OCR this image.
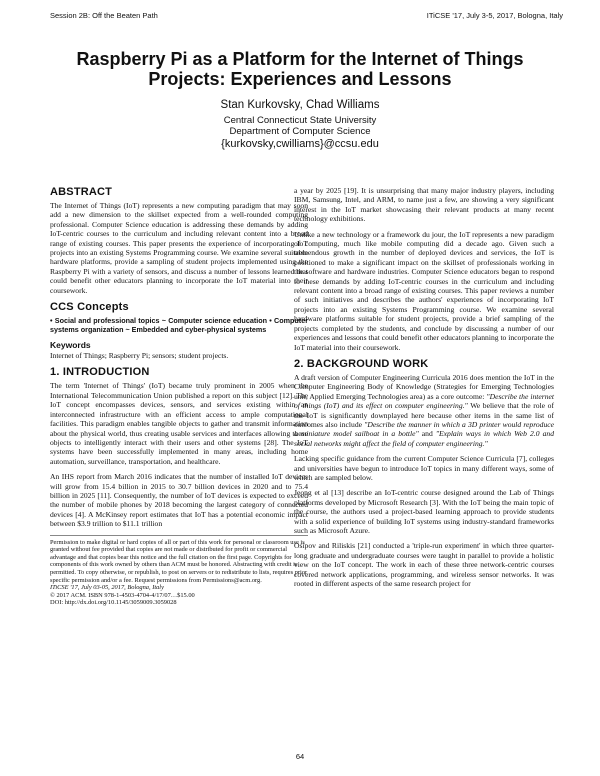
Session 2B: Off the Beaten Path	ITiCSE '17, July 3-5, 2017, Bologna, Italy
Raspberry Pi as a Platform for the Internet of Things
Projects: Experiences and Lessons
Stan Kurkovsky, Chad Williams
Central Connecticut State University
Department of Computer Science
{kurkovsky,cwilliams}@ccsu.edu
ABSTRACT

The Internet of Things (IoT) represents a new computing paradigm that may soon add a new dimension to the skillset expected from a well-rounded computing professional. Computer Science education is addressing these demands by adding IoT-centric courses to the curriculum and including relevant content into a broad range of existing courses. This paper presents the experience of incorporating IoT projects into an existing Systems Programming course. We examine several suitable hardware platforms, provide a sampling of student projects implemented using the Raspberry Pi with a variety of sensors, and discuss a number of lessons learned that could benefit other educators planning to incorporate the IoT material into their coursework.

CCS Concepts

• Social and professional topics ~ Computer science education • Computer systems organization ~ Embedded and cyber-physical systems

Keywords

Internet of Things; Raspberry Pi; sensors; student projects.

1. INTRODUCTION

The term 'Internet of Things' (IoT) became truly prominent in 2005 when the International Telecommunication Union published a report on this subject [12]. The IoT concept encompasses devices, sensors, and services existing within an interconnected infrastructure with an efficient access to ample computational facilities. This paradigm enables tangible objects to gather and transmit information about the physical world, thus creating usable services and interfaces allowing these objects to intelligently interact with their users and other systems [28]. The IoT systems have been successfully implemented in many areas, including home automation, surveillance, transportation, and healthcare.

An IHS report from March 2016 indicates that the number of installed IoT devices will grow from 15.4 billion in 2015 to 30.7 billion devices in 2020 and to 75.4 billion in 2025 [11]. Consequently, the number of IoT devices is expected to exceed the number of mobile phones by 2018 becoming the largest category of connected devices [4]. A McKinsey report estimates that IoT has a potential economic impact between $3.9 trillion to $11.1 trillion

Permission to make digital or hard copies of all or part of this work for personal or classroom use is granted without fee provided that copies are not made or distributed for profit or commercial advantage and that copies bear this notice and the full citation on the first page. Copyrights for components of this work owned by others than ACM must be honored. Abstracting with credit is permitted. To copy otherwise, or republish, to post on servers or to redistribute to lists, requires prior specific permission and/or a fee. Request permissions from Permissions@acm.org.

ITiCSE '17, July 03-05, 2017, Bologna, Italy

© 2017 ACM. ISBN 978-1-4503-4704-4/17/07…$15.00

DOI: http://dx.doi.org/10.1145/3059009.3059028

a year by 2025 [19]. It is unsurprising that many major industry players, including IBM, Samsung, Intel, and ARM, to name just a few, are showing a very significant interest in the IoT market showcasing their relevant products at many recent technology exhibitions.

Unlike a new technology or a framework du jour, the IoT represents a new paradigm of computing, much like mobile computing did a decade ago. Given such a tremendous growth in the number of deployed devices and services, the IoT is positioned to make a significant impact on the skillset of professionals working in the software and hardware industries. Computer Science educators began to respond to these demands by adding IoT-centric courses in the curriculum and including relevant content into a broad range of existing courses. This paper reviews a number of such initiatives and describes the authors' experiences of incorporating IoT projects into an existing Systems Programming course. We examine several hardware platforms suitable for student projects, provide a brief sampling of the projects completed by the students, and conclude by discussing a number of our experiences and lessons that could benefit other educators planning to incorporate the IoT material into their coursework.

2. BACKGROUND WORK

A draft version of Computer Engineering Curricula 2016 does mention the IoT in the Computer Engineering Body of Knowledge (Strategies for Emerging Technologies unit, Applied Emerging Technologies area) as a core outcome: "Describe the internet of things (IoT) and its effect on computer engineering." We believe that the role of the IoT is significantly downplayed here because other items in the same list of outcomes also include "Describe the manner in which a 3D printer would reproduce a miniature model sailboat in a bottle" and "Explain ways in which Web 2.0 and social networks might affect the field of computer engineering."

Lacking specific guidance from the current Computer Science Curricula [7], colleges and universities have begun to introduce IoT topics in many different ways, some of which are sampled below.

Jeong et al [13] describe an IoT-centric course designed around the Lab of Things platforms developed by Microsoft Research [3]. With the IoT being the main topic of the course, the authors used a project-based learning approach to provide students with a solid experience of building IoT systems using industry-standard frameworks such as Microsoft Azure.

Osipov and Riliskis [21] conducted a 'triple-run experiment' in which three quarter-long graduate and undergraduate courses were taught in parallel to provide a holistic view on the IoT concept. The work in each of these three network-centric courses covered network applications, programming, and wireless sensor networks. It was rooted in different aspects of the same research project for

64
